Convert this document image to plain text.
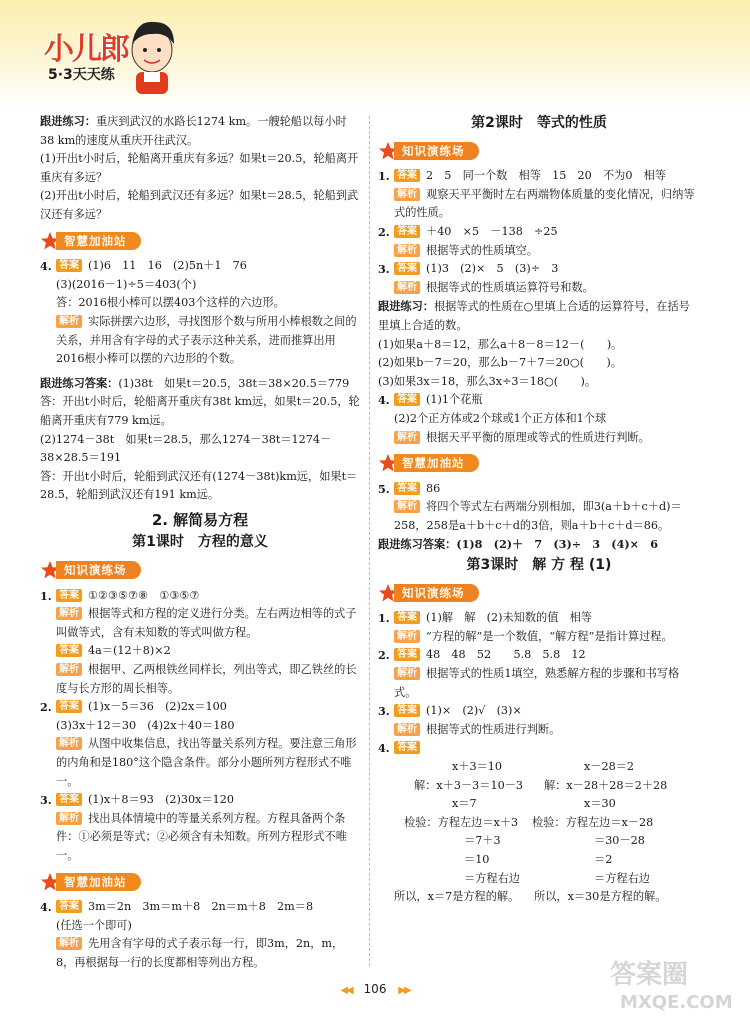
小儿郎
5·3天天练

跟进练习：重庆到武汉的水路长1274 km。一艘轮船以每小时38 km的速度从重庆开往武汉。

(1)开出t小时后，轮船离开重庆有多远？如果t＝20.5，轮船离开重庆有多远？

(2)开出t小时后，轮船到武汉还有多远？如果t＝28.5，轮船到武汉还有多远？

智慧加油站
4. 答案 (1)6　11　16　(2)5n＋1　76

(3)(2016－1)÷5＝403(个)

答：2016根小棒可以摆403个这样的六边形。

解析 实际拼摆六边形，寻找图形个数与所用小棒根数之间的关系，并用含有字母的式子表示这种关系，进而推算出用2016根小棒可以摆的六边形的个数。

跟进练习答案：(1)38t　如果t＝20.5，38t＝38×20.5＝779　答：开出t小时后，轮船离开重庆有38t km远，如果t＝20.5，轮船离开重庆有779 km远。

(2)1274－38t　如果t＝28.5，那么1274－38t＝1274－38×28.5＝191

答：开出t小时后，轮船到武汉还有(1274－38t)km远，如果t＝28.5，轮船到武汉还有191 km远。

2. 解简易方程
第1课时　方程的意义
知识演练场
1. 答案 ①②③⑤⑦⑧　①③⑤⑦

解析 根据等式和方程的定义进行分类。左右两边相等的式子叫做等式，含有未知数的等式叫做方程。

答案 4a＝(12＋8)×2

解析 根据甲、乙两根铁丝同样长，列出等式，即乙铁丝的长度与长方形的周长相等。

2. 答案 (1)x－5＝36　(2)2x＝100

(3)3x＋12＝30　(4)2x＋40＝180

解析 从图中收集信息，找出等量关系列方程。要注意三角形的内角和是180°这个隐含条件。部分小题所列方程形式不唯一。

3. 答案 (1)x＋8＝93　(2)30x＝120

解析 找出具体情境中的等量关系列方程。方程具备两个条件：①必须是等式；②必须含有未知数。所列方程形式不唯一。

智慧加油站
4. 答案 3m＝2n　3m＝m＋8　2n＝m＋8　2m＝8

(任选一个即可)

解析 先用含有字母的式子表示每一行，即3m，2n，m，8，再根据每一行的长度都相等列出方程。

第2课时　等式的性质
知识演练场
1. 答案 2　5　同一个数　相等　15　20　不为0　相等

解析 观察天平平衡时左右两端物体质量的变化情况，归纳等式的性质。

2. 答案 ＋40　×5　－138　÷25

解析 根据等式的性质填空。

3. 答案 (1)3　(2)×　5　(3)÷　3

解析 根据等式的性质填运算符号和数。

跟进练习：根据等式的性质在○里填上合适的运算符号，在括号里填上合适的数。

(1)如果a＋8＝12，那么a＋8－8＝12－(　　)。

(2)如果b－7＝20，那么b－7＋7＝20○(　　)。

(3)如果3x＝18，那么3x÷3＝18○(　　)。

4. 答案 (1)1个花瓶

(2)2个正方体或2个球或1个正方体和1个球

解析 根据天平平衡的原理或等式的性质进行判断。

智慧加油站
5. 答案 86

解析 将四个等式左右两端分别相加，即3(a＋b＋c＋d)＝258，258是a＋b＋c＋d的3倍，则a＋b＋c＋d＝86。

跟进练习答案：(1)8　(2)＋　7　(3)÷　3　(4)×　6

第3课时　解 方 程 (1)
知识演练场
1. 答案 (1)解　解　(2)未知数的值　相等

解析 “方程的解”是一个数值，“解方程”是指计算过程。

2. 答案 48　48　52　　5.8　5.8　12

解析 根据等式的性质1填空，熟悉解方程的步骤和书写格式。

3. 答案 (1)×　(2)√　(3)×

解析 根据等式的性质进行判断。

4. 答案

x＋3＝10

解：x＋3－3＝10－3

x＝7

检验：方程左边＝x＋3

＝7＋3

＝10

＝方程右边

所以，x＝7是方程的解。

x－28＝2

解：x－28＋28＝2＋28

x＝30

检验：方程左边＝x－28

＝30－28

＝2

＝方程右边

所以，x＝30是方程的解。

◀◀ 106 ▶▶
答案圈
MXQE.COM
